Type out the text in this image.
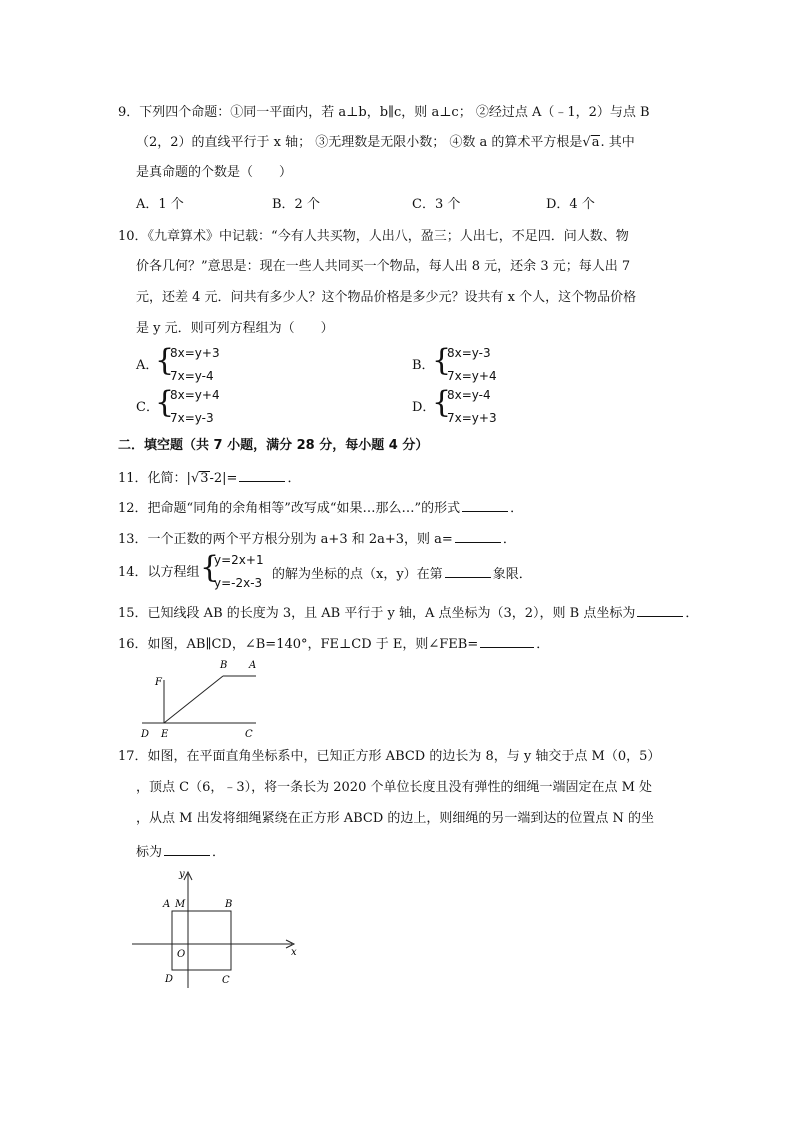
9．下列四个命题：①同一平面内，若 a⊥b，b∥c，则 a⊥c； ②经过点 A（﹣1，2）与点 B
（2，2）的直线平行于 x 轴； ③无理数是无限小数； ④数 a 的算术平方根是√a. 其中
是真命题的个数是（　　）
A．1 个	B．2 个	C．3 个	D．4 个
10．《九章算术》中记载：“今有人共买物，人出八，盈三；人出七，不足四．问人数、物
价各几何？”意思是：现在一些人共同买一个物品，每人出 8 元，还余 3 元；每人出 7
元，还差 4 元．问共有多少人？这个物品价格是多少元？设共有 x 个人，这个物品价格
是 y 元．则可列方程组为（　　）
A．
{
8x=y+3
7x=y-4
B．
{
8x=y-3
7x=y+4
C．
{
8x=y+4
7x=y-3
D．
{
8x=y-4
7x=y+3
二．填空题（共 7 小题，满分 28 分，每小题 4 分）
11．化简：|√3-2|=	．
12．把命题“同角的余角相等”改写成“如果…那么…”的形式	．
13．一个正数的两个平方根分别为 a+3 和 2a+3，则 a=	．
14．以方程组 {
y=2x+1
y=-2x-3
的解为坐标的点（x，y）在第	象限．
15．已知线段 AB 的长度为 3，且 AB 平行于 y 轴，A 点坐标为（3，2），则 B 点坐标为	．
16．如图，AB∥CD，∠B=140°，FE⊥CD 于 E，则∠FEB=	．
B A
F
D E	C
17．如图，在平面直角坐标系中，已知正方形 ABCD 的边长为 8，与 y 轴交于点 M（0，5）
，顶点 C（6，﹣3），将一条长为 2020 个单位长度且没有弹性的细绳一端固定在点 M 处
，从点 M 出发将细绳紧绕在正方形 ABCD 的边上，则细绳的另一端到达的位置点 N 的坐
标为	．
y
x
A M	B
O
D	C
